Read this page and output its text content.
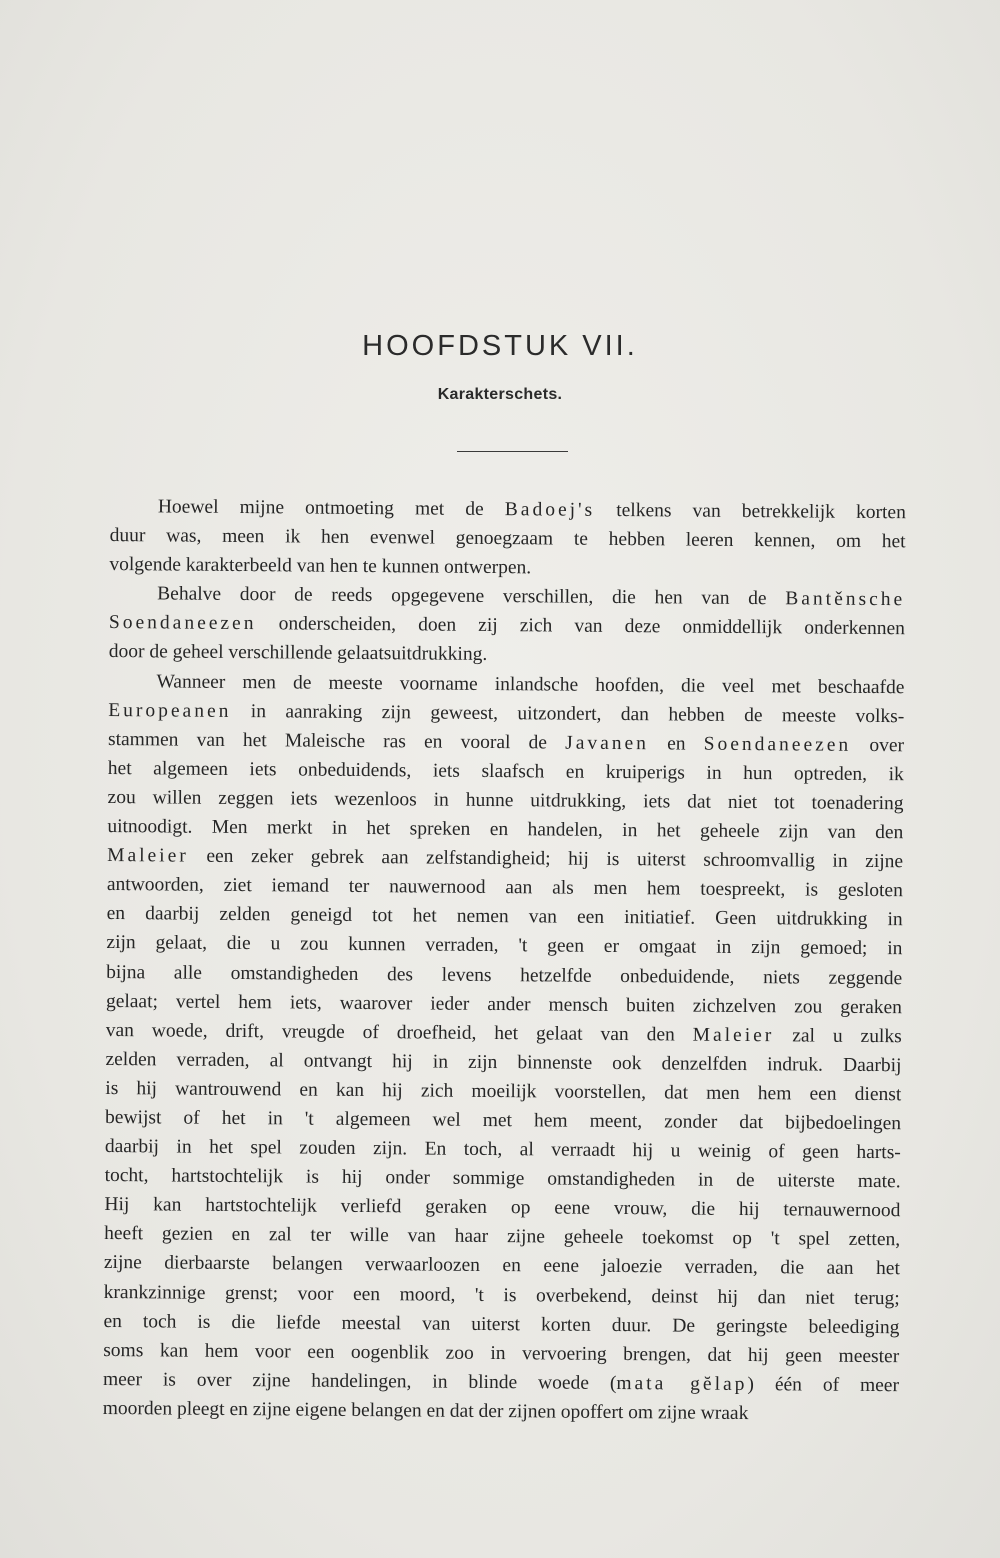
HOOFDSTUK VII.
Karakterschets.
Hoewel mijne ontmoeting met de Badoej's telkens van betrekkelijk korten
duur was, meen ik hen evenwel genoegzaam te hebben leeren kennen, om het
volgende karakterbeeld van hen te kunnen ontwerpen.
Behalve door de reeds opgegevene verschillen, die hen van de Bantěnsche
Soendaneezen onderscheiden, doen zij zich van deze onmiddellijk onderkennen
door de geheel verschillende gelaatsuitdrukking.
Wanneer men de meeste voorname inlandsche hoofden, die veel met beschaafde
Europeanen in aanraking zijn geweest, uitzondert, dan hebben de meeste volks-
stammen van het Maleische ras en vooral de Javanen en Soendaneezen over
het algemeen iets onbeduidends, iets slaafsch en kruiperigs in hun optreden, ik
zou willen zeggen iets wezenloos in hunne uitdrukking, iets dat niet tot toenadering
uitnoodigt. Men merkt in het spreken en handelen, in het geheele zijn van den
Maleier een zeker gebrek aan zelfstandigheid; hij is uiterst schroomvallig in zijne
antwoorden, ziet iemand ter nauwernood aan als men hem toespreekt, is gesloten
en daarbij zelden geneigd tot het nemen van een initiatief. Geen uitdrukking in
zijn gelaat, die u zou kunnen verraden, 't geen er omgaat in zijn gemoed; in
bijna alle omstandigheden des levens hetzelfde onbeduidende, niets zeggende
gelaat; vertel hem iets, waarover ieder ander mensch buiten zichzelven zou geraken
van woede, drift, vreugde of droefheid, het gelaat van den Maleier zal u zulks
zelden verraden, al ontvangt hij in zijn binnenste ook denzelfden indruk. Daarbij
is hij wantrouwend en kan hij zich moeilijk voorstellen, dat men hem een dienst
bewijst of het in 't algemeen wel met hem meent, zonder dat bijbedoelingen
daarbij in het spel zouden zijn. En toch, al verraadt hij u weinig of geen harts-
tocht, hartstochtelijk is hij onder sommige omstandigheden in de uiterste mate.
Hij kan hartstochtelijk verliefd geraken op eene vrouw, die hij ternauwernood
heeft gezien en zal ter wille van haar zijne geheele toekomst op 't spel zetten,
zijne dierbaarste belangen verwaarloozen en eene jaloezie verraden, die aan het
krankzinnige grenst; voor een moord, 't is overbekend, deinst hij dan niet terug;
en toch is die liefde meestal van uiterst korten duur. De geringste beleediging
soms kan hem voor een oogenblik zoo in vervoering brengen, dat hij geen meester
meer is over zijne handelingen, in blinde woede (mata gĕlap) één of meer
moorden pleegt en zijne eigene belangen en dat der zijnen opoffert om zijne wraak
